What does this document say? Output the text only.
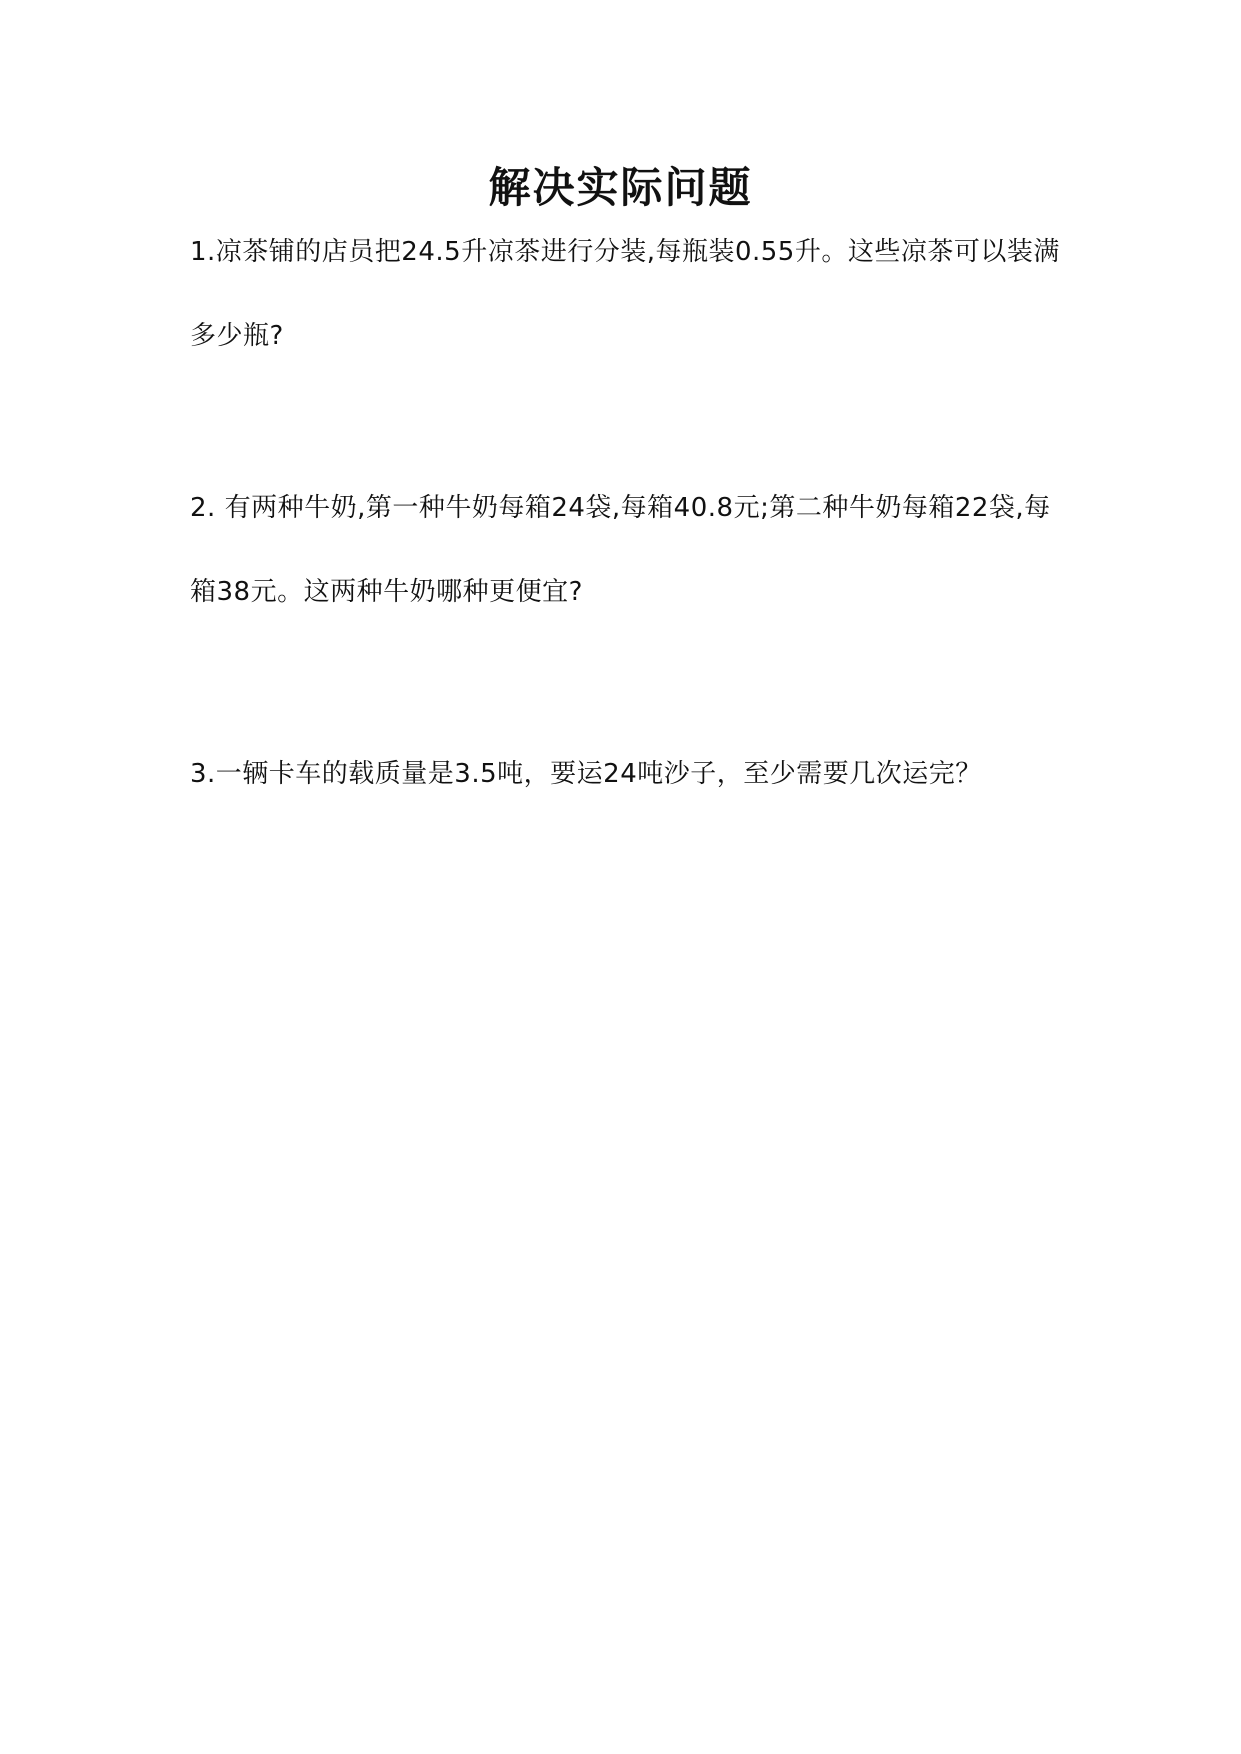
解决实际问题

1.凉茶铺的店员把24.5升凉茶进行分装,每瓶装0.55升。这些凉茶可以装满多少瓶?

2. 有两种牛奶,第一种牛奶每箱24袋,每箱40.8元;第二种牛奶每箱22袋,每箱38元。这两种牛奶哪种更便宜?

3.一辆卡车的载质量是3.5吨，要运24吨沙子，至少需要几次运完？
